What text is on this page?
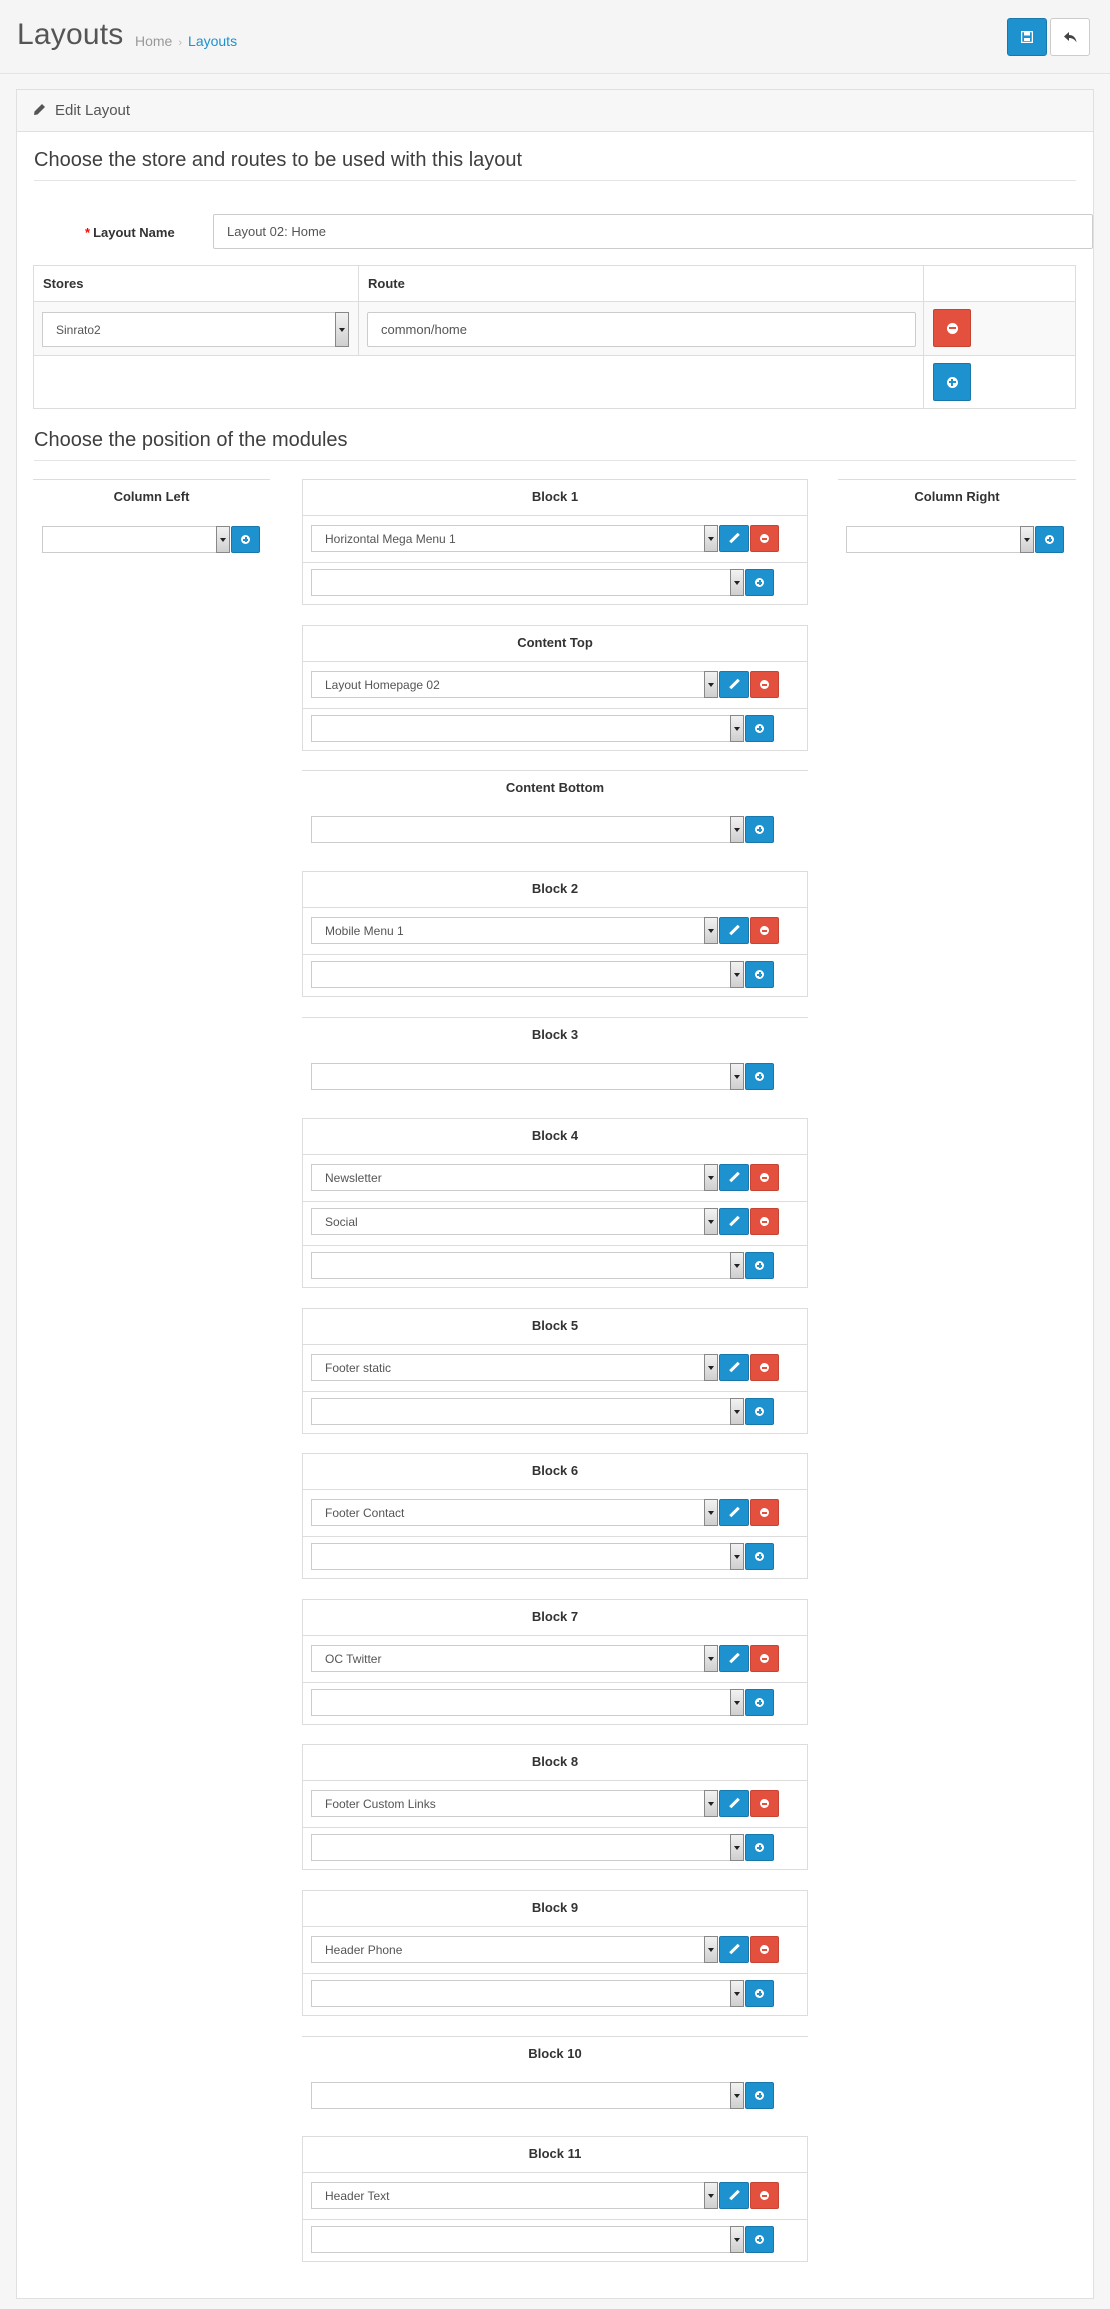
Layouts Home › Layouts
Edit Layout
Choose the store and routes to be used with this layout
* Layout Name	Layout 02: Home
Stores	Route
Sinrato2	common/home
Choose the position of the modules
Column Left	Column Right
Block 1
Horizontal Mega Menu 1
Content Top
Layout Homepage 02
Content Bottom
Block 2
Mobile Menu 1
Block 3
Block 4
Newsletter
Social
Block 5
Footer static
Block 6
Footer Contact
Block 7
OC Twitter
Block 8
Footer Custom Links
Block 9
Header Phone
Block 10
Block 11
Header Text
